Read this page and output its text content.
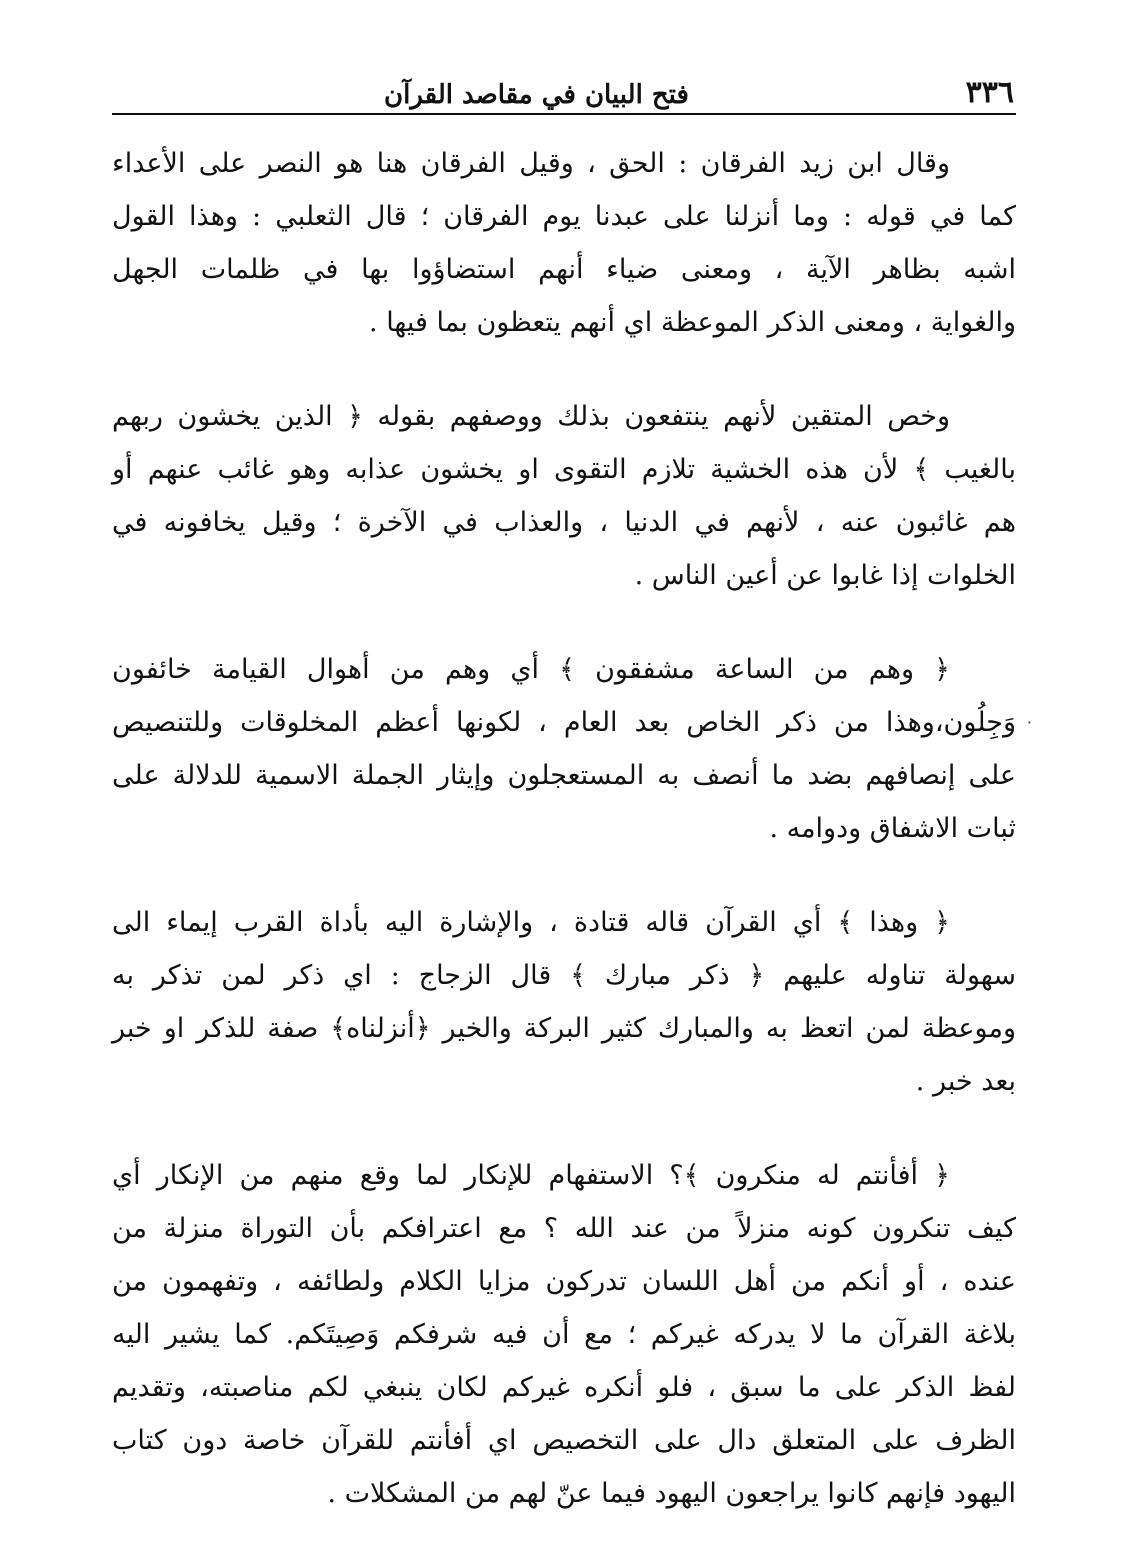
٣٣٦
فتح البيان في مقاصد القرآن
وقال ابن زيد الفرقان : الحق ، وقيل الفرقان هنا هو النصر على الأعداء
كما في قوله : وما أنزلنا على عبدنا يوم الفرقان ؛ قال الثعلبي : وهذا القول
اشبه بظاهر الآية ، ومعنى ضياء أنهم استضاؤوا بها في ظلمات الجهل
والغواية ، ومعنى الذكر الموعظة اي أنهم يتعظون بما فيها .
وخص المتقين لأنهم ينتفعون بذلك ووصفهم بقوله ﴿ الذين يخشون ربهم
بالغيب ﴾ لأن هذه الخشية تلازم التقوى او يخشون عذابه وهو غائب عنهم أو
هم غائبون عنه ، لأنهم في الدنيا ، والعذاب في الآخرة ؛ وقيل يخافونه في
الخلوات إذا غابوا عن أعين الناس .
﴿ وهم من الساعة مشفقون ﴾ أي وهم من أهوال القيامة خائفون
وَجِلُون،وهذا من ذكر الخاص بعد العام ، لكونها أعظم المخلوقات وللتنصيص
على إنصافهم بضد ما أنصف به المستعجلون وإيثار الجملة الاسمية للدلالة على
ثبات الاشفاق ودوامه .
﴿ وهذا ﴾ أي القرآن قاله قتادة ، والإشارة اليه بأداة القرب إيماء الى
سهولة تناوله عليهم ﴿ ذكر مبارك ﴾ قال الزجاج : اي ذكر لمن تذكر به
وموعظة لمن اتعظ به والمبارك كثير البركة والخير ﴿أنزلناه﴾ صفة للذكر او خبر
بعد خبر .
﴿ أفأنتم له منكرون ﴾؟ الاستفهام للإنكار لما وقع منهم من الإنكار أي
كيف تنكرون كونه منزلاً من عند الله ؟ مع اعترافكم بأن التوراة منزلة من
عنده ، أو أنكم من أهل اللسان تدركون مزايا الكلام ولطائفه ، وتفهمون من
بلاغة القرآن ما لا يدركه غيركم ؛ مع أن فيه شرفكم وَصِيتَكم. كما يشير اليه
لفظ الذكر على ما سبق ، فلو أنكره غيركم لكان ينبغي لكم مناصبته، وتقديم
الظرف على المتعلق دال على التخصيص اي أفأنتم للقرآن خاصة دون كتاب
اليهود فإنهم كانوا يراجعون اليهود فيما عنّ لهم من المشكلات .
·
